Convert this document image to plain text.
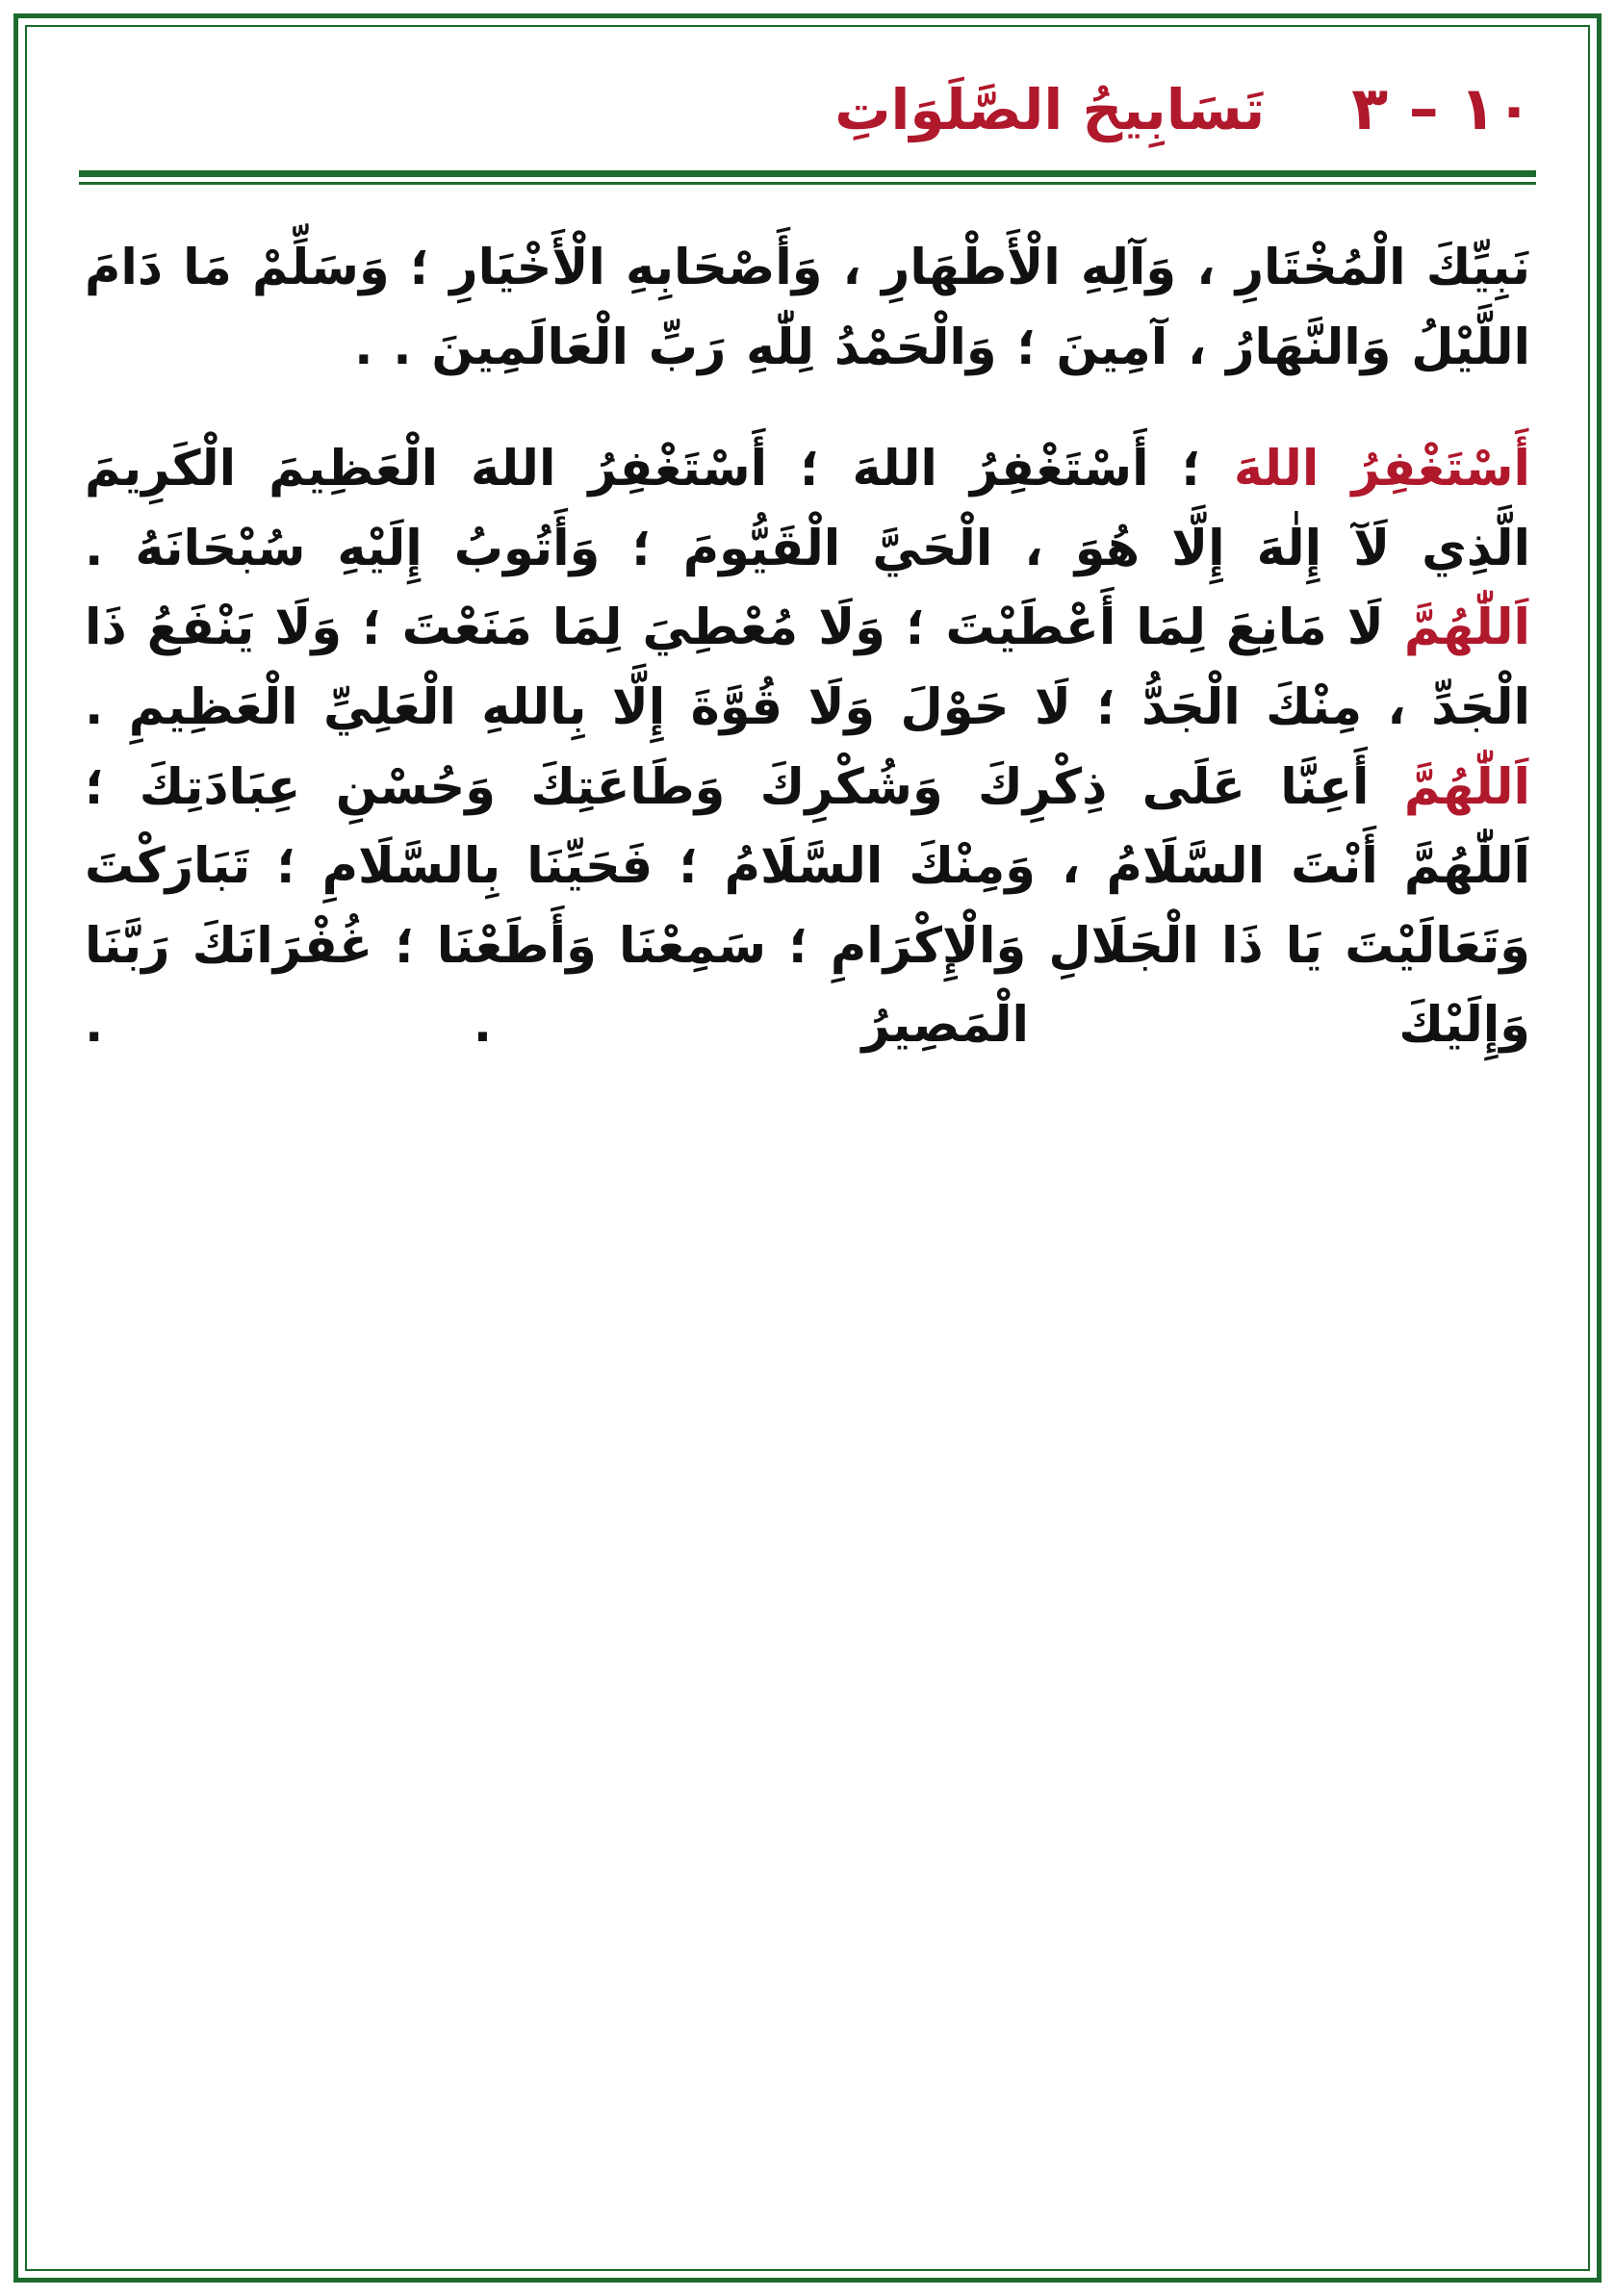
١٠ – ٣
تَسَابِيحُ الصَّلَوَاتِ
نَبِيِّكَ الْمُخْتَارِ ، وَآلِهِ الْأَطْهَارِ ، وَأَصْحَابِهِ الْأَخْيَارِ ؛ وَسَلِّمْ مَا دَامَ اللَّيْلُ وَالنَّهَارُ ، آمِينَ ؛ وَالْحَمْدُ لِلّٰهِ رَبِّ الْعَالَمِينَ . .
أَسْتَغْفِرُ اللهَ ؛ أَسْتَغْفِرُ اللهَ ؛ أَسْتَغْفِرُ اللهَ الْعَظِيمَ الْكَرِيمَ الَّذِي لَآ إِلٰهَ إِلَّا هُوَ ، الْحَيَّ الْقَيُّومَ ؛ وَأَتُوبُ إِلَيْهِ سُبْحَانَهُ . اَللّٰهُمَّ لَا مَانِعَ لِمَا أَعْطَيْتَ ؛ وَلَا مُعْطِيَ لِمَا مَنَعْتَ ؛ وَلَا يَنْفَعُ ذَا الْجَدِّ ، مِنْكَ الْجَدُّ ؛ لَا حَوْلَ وَلَا قُوَّةَ إِلَّا بِاللهِ الْعَلِيِّ الْعَظِيمِ . اَللّٰهُمَّ أَعِنَّا عَلَى ذِكْرِكَ وَشُكْرِكَ وَطَاعَتِكَ وَحُسْنِ عِبَادَتِكَ ؛ اَللّٰهُمَّ أَنْتَ السَّلَامُ ، وَمِنْكَ السَّلَامُ ؛ فَحَيِّنَا بِالسَّلَامِ ؛ تَبَارَكْتَ وَتَعَالَيْتَ يَا ذَا الْجَلَالِ وَالْإِكْرَامِ ؛ سَمِعْنَا وَأَطَعْنَا ؛ غُفْرَانَكَ رَبَّنَا وَإِلَيْكَ الْمَصِيرُ . .
